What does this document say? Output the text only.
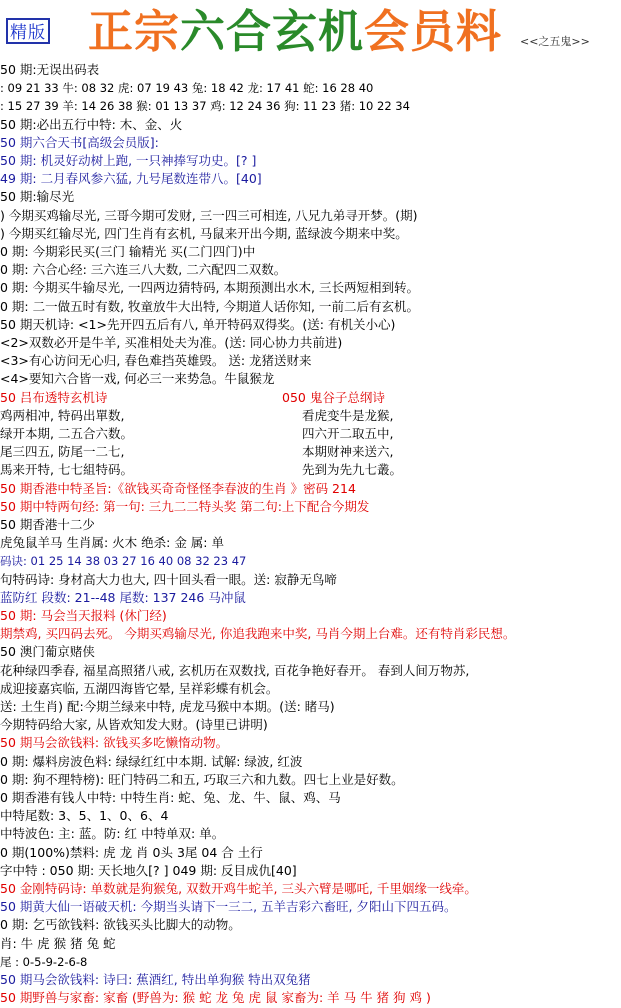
精版 正宗六合玄机会员料 <<之五鬼>>
50 期:无误出码表
: 09 21 33 牛: 08 32 虎: 07 19 43 兔: 18 42 龙: 17 41 蛇: 16 28 40
: 15 27 39 羊: 14 26 38 猴: 01 13 37 鸡: 12 24 36 狗: 11 23 猪: 10 22 34
50 期:必出五行中特: 木、金、火
50 期六合天书[高级会员版]:
50 期: 机灵好动树上跑, 一只神捧写功史。[? ]
49 期: 二月春风参六猛, 九号尾数连带八。[40]
50 期:输尽光
) 今期买鸡输尽光, 三哥今期可发财, 三一四三可相连, 八兄九弟寻开梦。(期)
) 今期买红输尽光, 四门生肖有玄机, 马鼠来开出今期, 蓝绿波今期来中奖。
0 期: 今期彩民买(三门 输精光 买(二门四门)中
0 期: 六合心经: 三六连三八大数, 二六配四二双数。
0 期: 今期买牛输尽光, 一四两边猜特码, 本期预测出水木, 三长两短相到转。
0 期: 二一做五时有数, 牧童放牛大出特, 今期道人话你知, 一前二后有玄机。
50 期天机诗: <1>先开四五后有八, 单开特码双得奖。(送: 有机关小心)
<2>双数必开是牛羊, 买准相处夫为准。(送: 同心协力共前进)
<3>有心访问无心归, 春色难挡英雄毁。 送: 龙猪送财来
<4>要知六合皆一戏, 何必三一来势急。牛鼠猴龙
50 吕布透特玄机诗
鸡两相冲, 特码出單数,
绿开本期, 二五合六数。
尾三四五, 防尾一二七,
馬来开特, 七七組特码。
50 期香港中特圣旨:《欲钱买奇奇怪怪李春波的生肖 》密码 214
50 期中特两句经: 第一句: 三九二二特头奖 第二句:上下配合今期发
50 期香港十二少
虎兔鼠羊马 生肖属: 火木 绝杀: 金 属: 单
码诀: 01 25 14 38 03 27 16 40 08 32 23 47
句特码诗: 身材高大力也大, 四十回头看一眼。送: 寂静无鸟啼
蓝防红 段数: 21--48 尾数: 137 246 马冲鼠
50 期: 马会当天报料 (休门经)
期禁鸡, 买四码去死。 今期买鸡输尽光, 你追我跑来中奖, 马肖今期上台难。还有特肖彩民想。
50 澳门葡京赌侠
花种绿四季春, 福星高照猪八戒, 玄机历在双数找, 百花争艳好春开。 春到人间万物苏,
成迎接嘉宾临, 五湖四海皆它晕, 呈祥彩蝶有机会。
送: 土生肖) 配:今期兰绿来中特, 虎龙马猴中本期。(送: 睹马)
今期特码给大家, 从皆欢知发大财。(诗里已讲明)
50 期马会欲钱料: 欲钱买多吃懒惰动物。
0 期: 爆料房波色料: 绿绿红红中本期. 试解: 绿波, 红波
0 期: 狗不理特榜): 旺门特码二和五, 巧取三六和九数。四七上业是好数。
0 期香港有钱人中特: 中特生肖: 蛇、兔、龙、牛、鼠、鸡、马
中特尾数: 3、5、1、0、6、4
中特波色: 主: 蓝。防: 红 中特单双: 单。
0 期(100%)禁料: 虎 龙 肖 0头 3尾 04 合 土行
字中特 : 050 期: 天长地久[? ] 049 期: 反目成仇[40]
50 金刚特码诗: 单数就是狗猴兔, 双数开鸡牛蛇羊, 三头六臂是哪吒, 千里姻缘一线牵。
50 期黄大仙一语破天机: 今期当头请下一三二, 五羊吉彩六畜旺, 夕阳山下四五码。
0 期: 乞丐欲钱料: 欲钱买头比脚大的动物。
肖: 牛 虎 猴 猪 兔 蛇
尾 : 0-5-9-2-6-8
50 期马会欲钱料: 诗曰: 蕉酒红, 特出单狗猴 特出双兔猪
50 期野兽与家畜: 家畜 (野兽为: 猴 蛇 龙 兔 虎 鼠 家畜为: 羊 马 牛 猪 狗 鸡 )
050 鬼谷子总纲诗
看虎变牛是龙猴,
四六开二取五中,
本期财神来送六,
先到为先九七叢。
